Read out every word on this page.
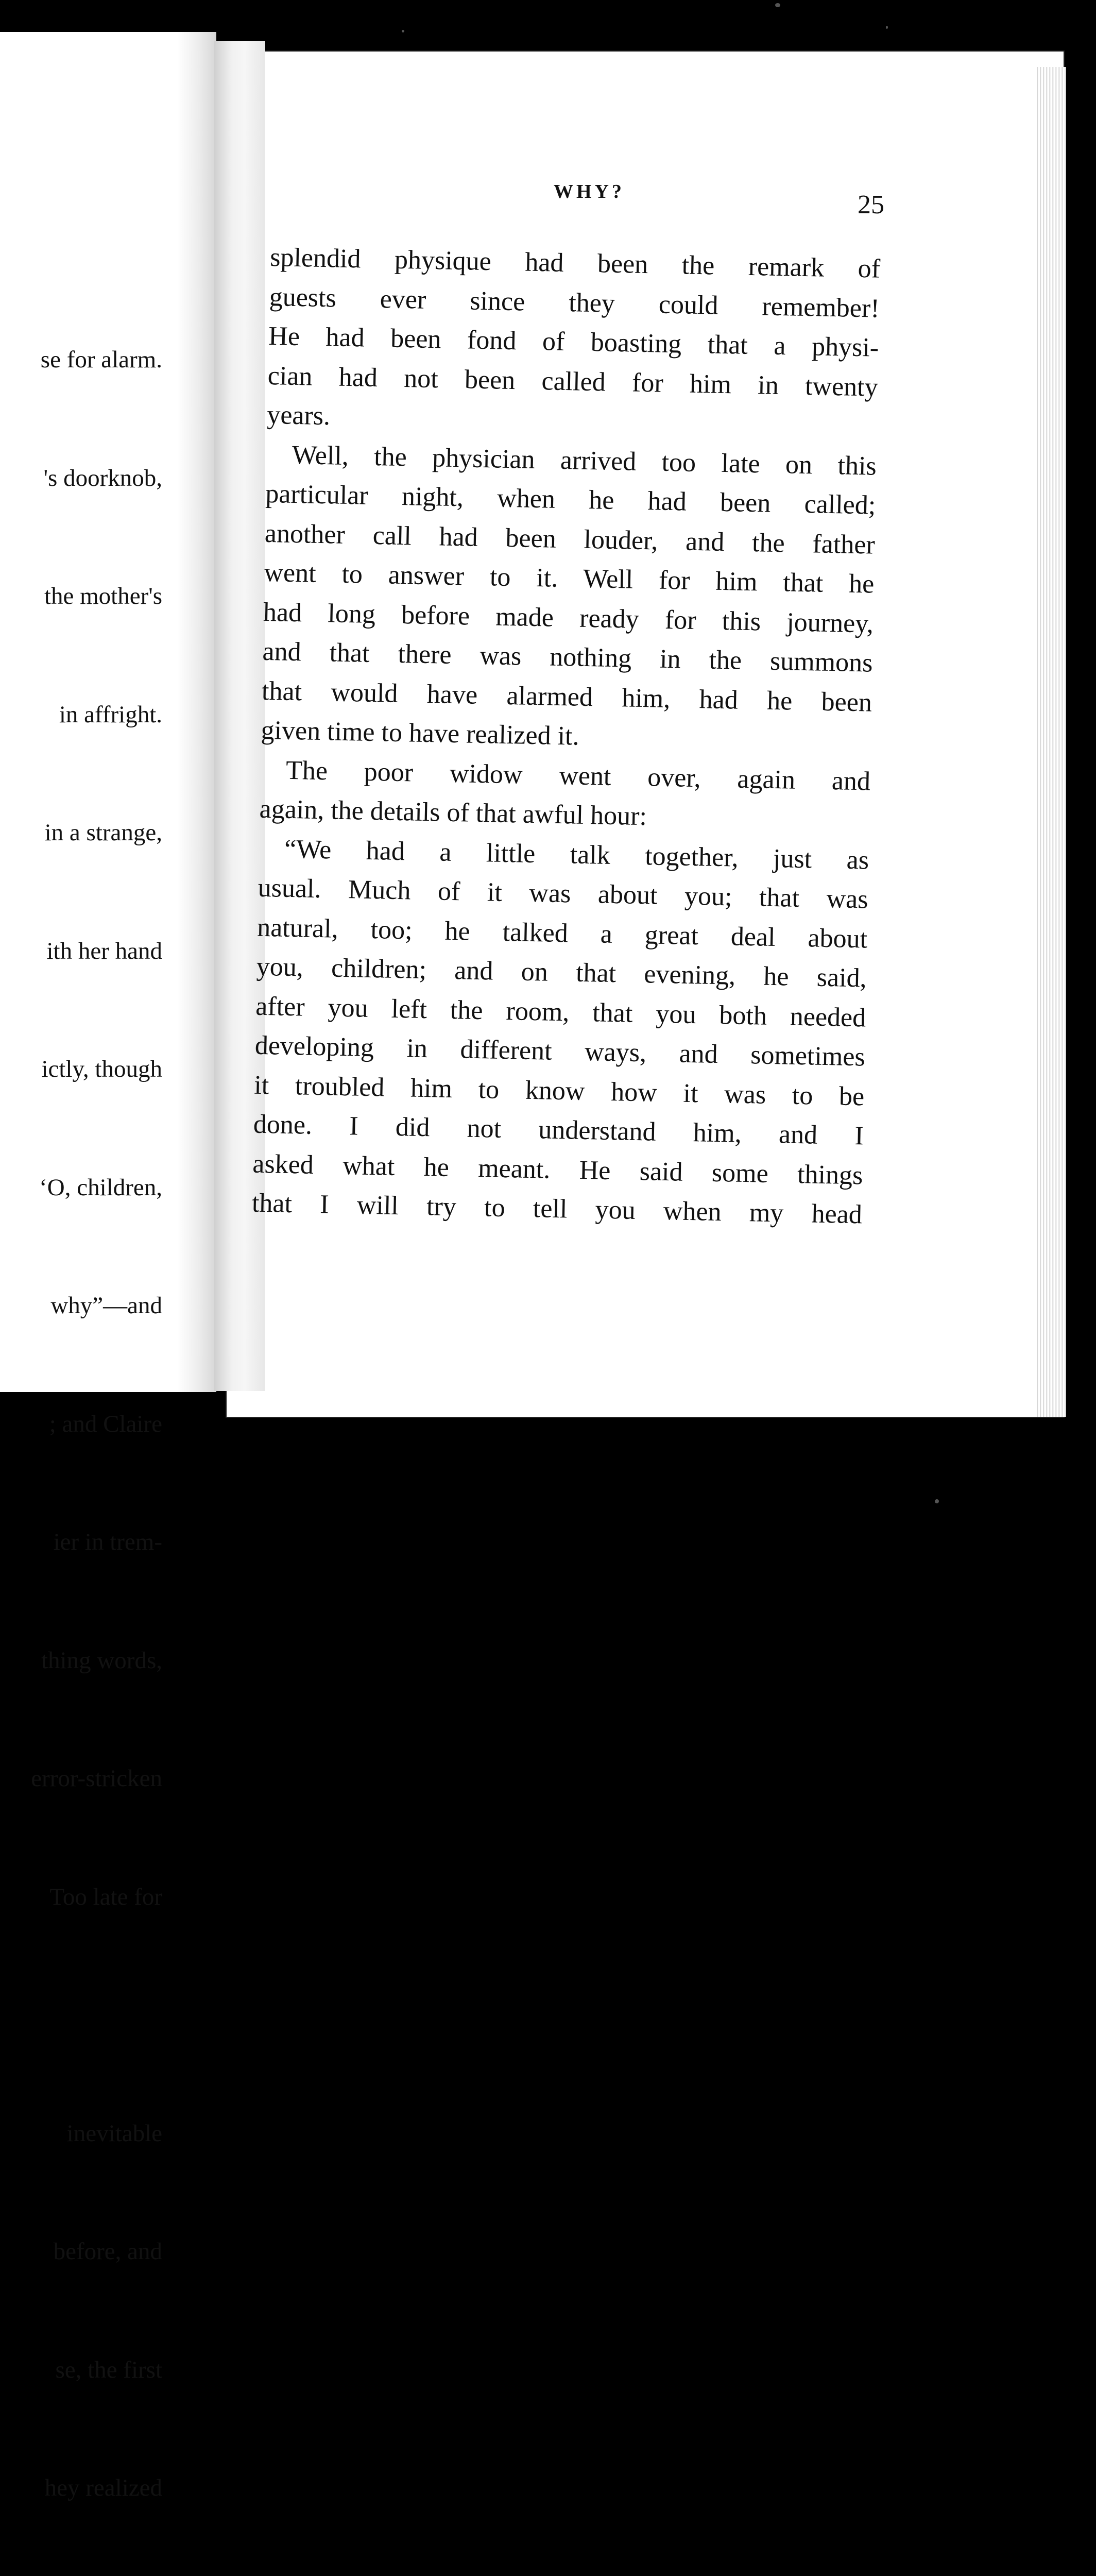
se for alarm.

's doorknob,

the mother's

in affright.

in a strange,

ith her hand

ictly, though

‘O, children,

why”—and

; and Claire

ier in trem-

thing words,

error-stricken

Too late for

inevitable

before, and

se, the first

hey realized

WHY?	25
splendid physique had been the remark of
guests ever since they could remember!
He had been fond of boasting that a physi-
cian had not been called for him in twenty
years.
Well, the physician arrived too late on this
particular night, when he had been called;
another call had been louder, and the father
went to answer to it. Well for him that he
had long before made ready for this journey,
and that there was nothing in the summons
that would have alarmed him, had he been
given time to have realized it.
The poor widow went over, again and
again, the details of that awful hour:
“We had a little talk together, just as
usual. Much of it was about you; that was
natural, too; he talked a great deal about
you, children; and on that evening, he said,
after you left the room, that you both needed
developing in different ways, and sometimes
it troubled him to know how it was to be
done. I did not understand him, and I
asked what he meant. He said some things
that I will try to tell you when my head
